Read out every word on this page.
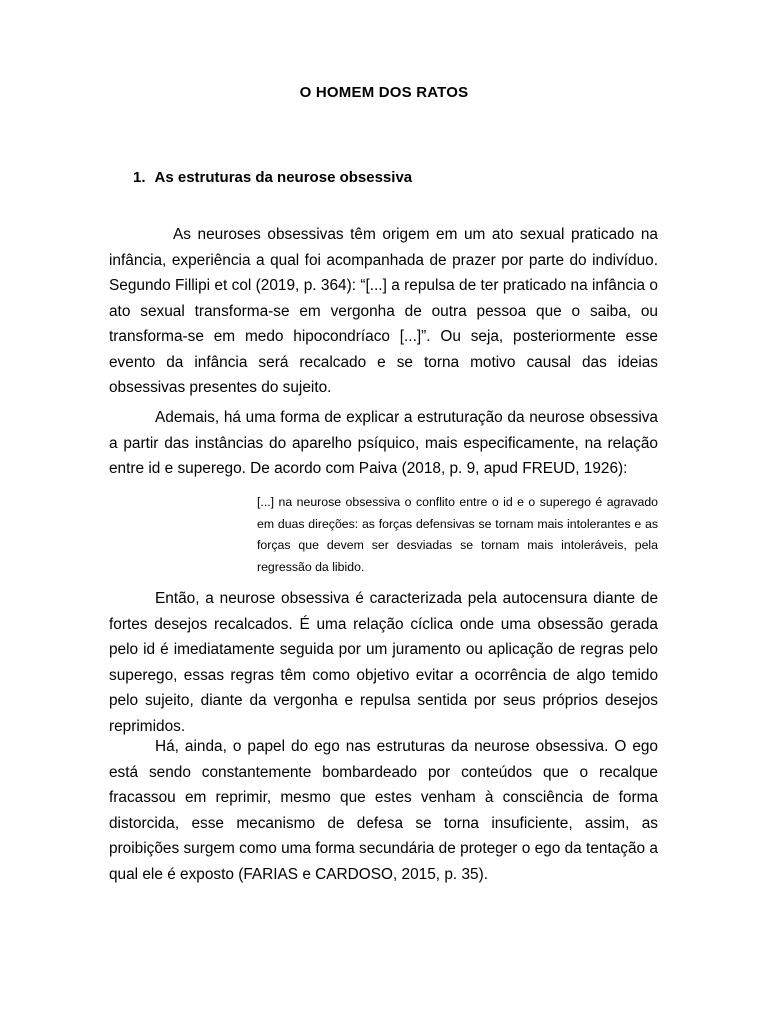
O HOMEM DOS RATOS
1. As estruturas da neurose obsessiva

As neuroses obsessivas têm origem em um ato sexual praticado na infância, experiência a qual foi acompanhada de prazer por parte do indivíduo. Segundo Fillipi et col (2019, p. 364): “[...] a repulsa de ter praticado na infância o ato sexual transforma-se em vergonha de outra pessoa que o saiba, ou transforma-se em medo hipocondríaco [...]”. Ou seja, posteriormente esse evento da infância será recalcado e se torna motivo causal das ideias obsessivas presentes do sujeito.

Ademais, há uma forma de explicar a estruturação da neurose obsessiva a partir das instâncias do aparelho psíquico, mais especificamente, na relação entre id e superego. De acordo com Paiva (2018, p. 9, apud FREUD, 1926):

[...] na neurose obsessiva o conflito entre o id e o superego é agravado em duas direções: as forças defensivas se tornam mais intolerantes e as forças que devem ser desviadas se tornam mais intoleráveis, pela regressão da libido.

Então, a neurose obsessiva é caracterizada pela autocensura diante de fortes desejos recalcados. É uma relação cíclica onde uma obsessão gerada pelo id é imediatamente seguida por um juramento ou aplicação de regras pelo superego, essas regras têm como objetivo evitar a ocorrência de algo temido pelo sujeito, diante da vergonha e repulsa sentida por seus próprios desejos reprimidos.

Há, ainda, o papel do ego nas estruturas da neurose obsessiva. O ego está sendo constantemente bombardeado por conteúdos que o recalque fracassou em reprimir, mesmo que estes venham à consciência de forma distorcida, esse mecanismo de defesa se torna insuficiente, assim, as proibições surgem como uma forma secundária de proteger o ego da tentação a qual ele é exposto (FARIAS e CARDOSO, 2015, p. 35).
